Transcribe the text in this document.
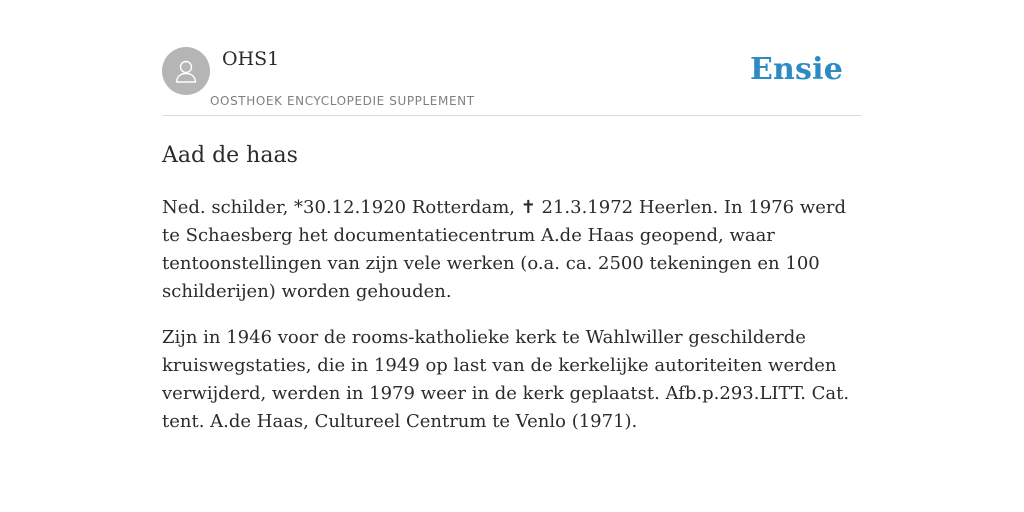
OHS1
OOSTHOEK ENCYCLOPEDIE SUPPLEMENT
Ensie
Aad de haas

Ned. schilder, *30.12.1920 Rotterdam, ✝ 21.3.1972 Heerlen. In 1976 werd te Schaesberg het documentatiecentrum A.de Haas geopend, waar tentoonstellingen van zijn vele werken (o.a. ca. 2500 tekeningen en 100 schilderijen) worden gehouden.

Zijn in 1946 voor de rooms-katholieke kerk te Wahlwiller geschilderde kruiswegstaties, die in 1949 op last van de kerkelijke autoriteiten werden verwijderd, werden in 1979 weer in de kerk geplaatst. Afb.p.293.LITT. Cat. tent. A.de Haas, Cultureel Centrum te Venlo (1971).
